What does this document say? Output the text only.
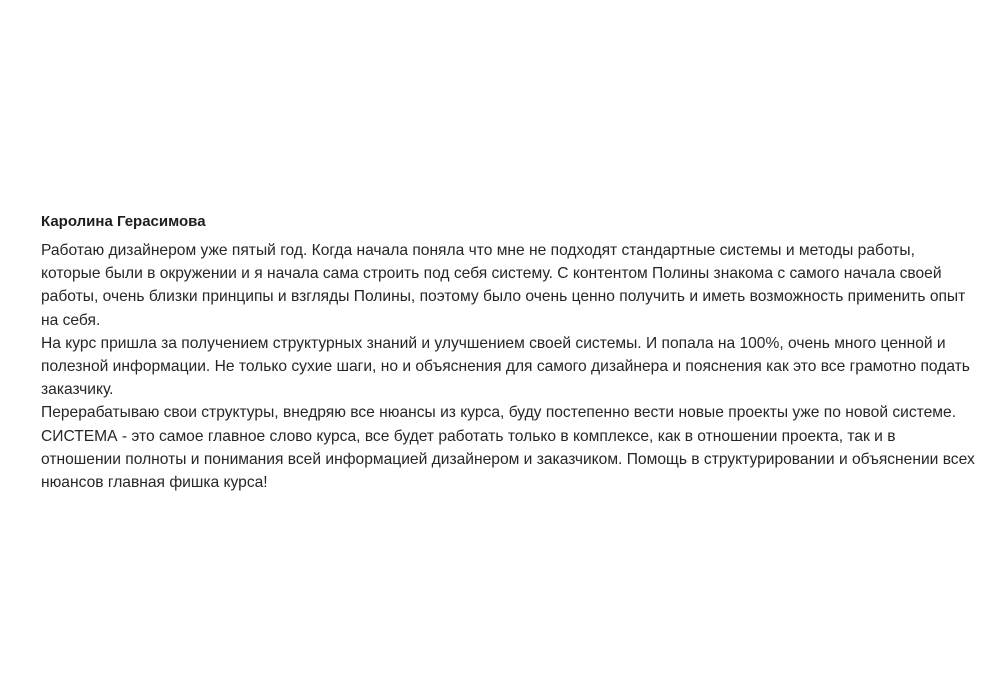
Каролина Герасимова

Работаю дизайнером уже пятый год. Когда начала поняла что мне не подходят стандартные системы и методы работы, которые были в окружении и я начала сама строить под себя систему. С контентом Полины знакома с самого начала своей работы, очень близки принципы и взгляды Полины, поэтому было очень ценно получить и иметь возможность применить опыт на себя.

На курс пришла за получением структурных знаний и улучшением своей системы. И попала на 100%, очень много ценной и полезной информации. Не только сухие шаги, но и объяснения для самого дизайнера и пояснения как это все грамотно подать заказчику.

Перерабатываю свои структуры, внедряю все нюансы из курса, буду постепенно вести новые проекты уже по новой системе. СИСТЕМА - это самое главное слово курса, все будет работать только в комплексе, как в отношении проекта, так и в отношении полноты и понимания всей информацией дизайнером и заказчиком. Помощь в структурировании и объяснении всех нюансов главная фишка курса!
